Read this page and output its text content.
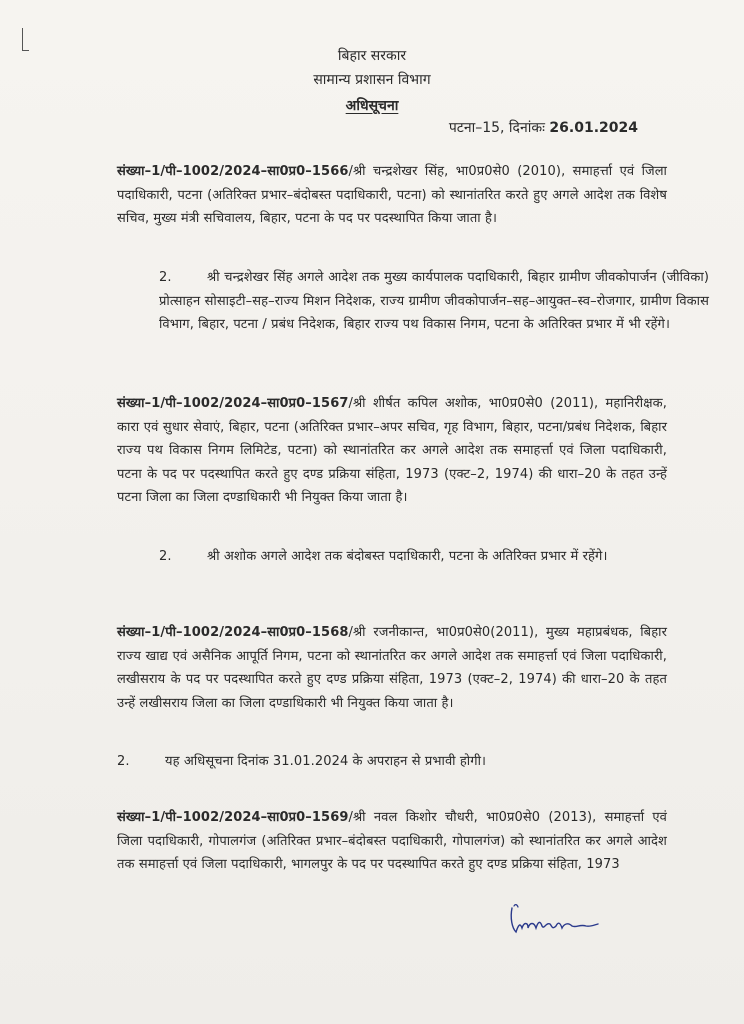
बिहार सरकार
सामान्य प्रशासन विभाग
अधिसूचना
पटना–15, दिनांकः 26.01.2024
संख्या–1/पी–1002/2024–सा0प्र0–1566/श्री चन्द्रशेखर सिंह, भा0प्र0से0 (2010), समाहर्त्ता एवं जिला पदाधिकारी, पटना (अतिरिक्त प्रभार–बंदोबस्त पदाधिकारी, पटना) को स्थानांतरित करते हुए अगले आदेश तक विशेष सचिव, मुख्य मंत्री सचिवालय, बिहार, पटना के पद पर पदस्थापित किया जाता है।
2.	श्री चन्द्रशेखर सिंह अगले आदेश तक मुख्य कार्यपालक पदाधिकारी, बिहार ग्रामीण जीवकोपार्जन (जीविका) प्रोत्साहन सोसाइटी–सह–राज्य मिशन निदेशक, राज्य ग्रामीण जीवकोपार्जन–सह–आयुक्त–स्व–रोजगार, ग्रामीण विकास विभाग, बिहार, पटना / प्रबंध निदेशक, बिहार राज्य पथ विकास निगम, पटना के अतिरिक्त प्रभार में भी रहेंगे।
संख्या–1/पी–1002/2024–सा0प्र0–1567/श्री शीर्षत कपिल अशोक, भा0प्र0से0 (2011), महानिरीक्षक, कारा एवं सुधार सेवाएं, बिहार, पटना (अतिरिक्त प्रभार–अपर सचिव, गृह विभाग, बिहार, पटना/प्रबंध निदेशक, बिहार राज्य पथ विकास निगम लिमिटेड, पटना) को स्थानांतरित कर अगले आदेश तक समाहर्त्ता एवं जिला पदाधिकारी, पटना के पद पर पदस्थापित करते हुए दण्ड प्रक्रिया संहिता, 1973 (एक्ट–2, 1974) की धारा–20 के तहत उन्हें पटना जिला का जिला दण्डाधिकारी भी नियुक्त किया जाता है।
2.	श्री अशोक अगले आदेश तक बंदोबस्त पदाधिकारी, पटना के अतिरिक्त प्रभार में रहेंगे।
संख्या–1/पी–1002/2024–सा0प्र0–1568/श्री रजनीकान्त, भा0प्र0से0(2011), मुख्य महाप्रबंधक, बिहार राज्य खाद्य एवं असैनिक आपूर्ति निगम, पटना को स्थानांतरित कर अगले आदेश तक समाहर्त्ता एवं जिला पदाधिकारी, लखीसराय के पद पर पदस्थापित करते हुए दण्ड प्रक्रिया संहिता, 1973 (एक्ट–2, 1974) की धारा–20 के तहत उन्हें लखीसराय जिला का जिला दण्डाधिकारी भी नियुक्त किया जाता है।
2.	यह अधिसूचना दिनांक 31.01.2024 के अपराहन से प्रभावी होगी।
संख्या–1/पी–1002/2024–सा0प्र0–1569/श्री नवल किशोर चौधरी, भा0प्र0से0 (2013), समाहर्त्ता एवं जिला पदाधिकारी, गोपालगंज (अतिरिक्त प्रभार–बंदोबस्त पदाधिकारी, गोपालगंज) को स्थानांतरित कर अगले आदेश तक समाहर्त्ता एवं जिला पदाधिकारी, भागलपुर के पद पर पदस्थापित करते हुए दण्ड प्रक्रिया संहिता, 1973
